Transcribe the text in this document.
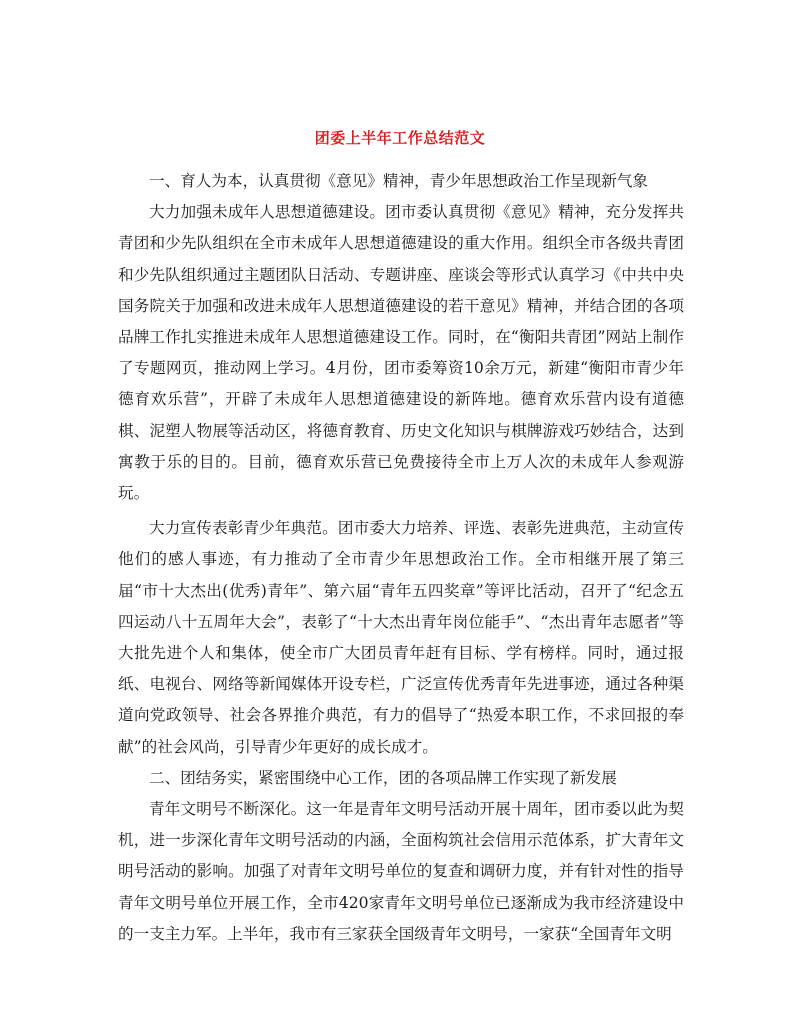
团委上半年工作总结范文

一、育人为本，认真贯彻《意见》精神，青少年思想政治工作呈现新气象

大力加强未成年人思想道德建设。团市委认真贯彻《意见》精神，充分发挥共青团和少先队组织在全市未成年人思想道德建设的重大作用。组织全市各级共青团和少先队组织通过主题团队日活动、专题讲座、座谈会等形式认真学习《中共中央国务院关于加强和改进未成年人思想道德建设的若干意见》精神，并结合团的各项品牌工作扎实推进未成年人思想道德建设工作。同时，在“衡阳共青团”网站上制作了专题网页，推动网上学习。4月份，团市委筹资10余万元，新建“衡阳市青少年德育欢乐营”，开辟了未成年人思想道德建设的新阵地。德育欢乐营内设有道德棋、泥塑人物展等活动区，将德育教育、历史文化知识与棋牌游戏巧妙结合，达到寓教于乐的目的。目前，德育欢乐营已免费接待全市上万人次的未成年人参观游玩。

大力宣传表彰青少年典范。团市委大力培养、评选、表彰先进典范，主动宣传他们的感人事迹，有力推动了全市青少年思想政治工作。全市相继开展了第三届“市十大杰出(优秀)青年”、第六届“青年五四奖章”等评比活动，召开了“纪念五四运动八十五周年大会”，表彰了“十大杰出青年岗位能手”、“杰出青年志愿者”等大批先进个人和集体，使全市广大团员青年赶有目标、学有榜样。同时，通过报纸、电视台、网络等新闻媒体开设专栏，广泛宣传优秀青年先进事迹，通过各种渠道向党政领导、社会各界推介典范，有力的倡导了“热爱本职工作，不求回报的奉献”的社会风尚，引导青少年更好的成长成才。

二、团结务实，紧密围绕中心工作，团的各项品牌工作实现了新发展

青年文明号不断深化。这一年是青年文明号活动开展十周年，团市委以此为契机，进一步深化青年文明号活动的内涵，全面构筑社会信用示范体系，扩大青年文明号活动的影响。加强了对青年文明号单位的复查和调研力度，并有针对性的指导青年文明号单位开展工作，全市420家青年文明号单位已逐渐成为我市经济建设中的一支主力军。上半年，我市有三家获全国级青年文明号，一家获“全国青年文明
